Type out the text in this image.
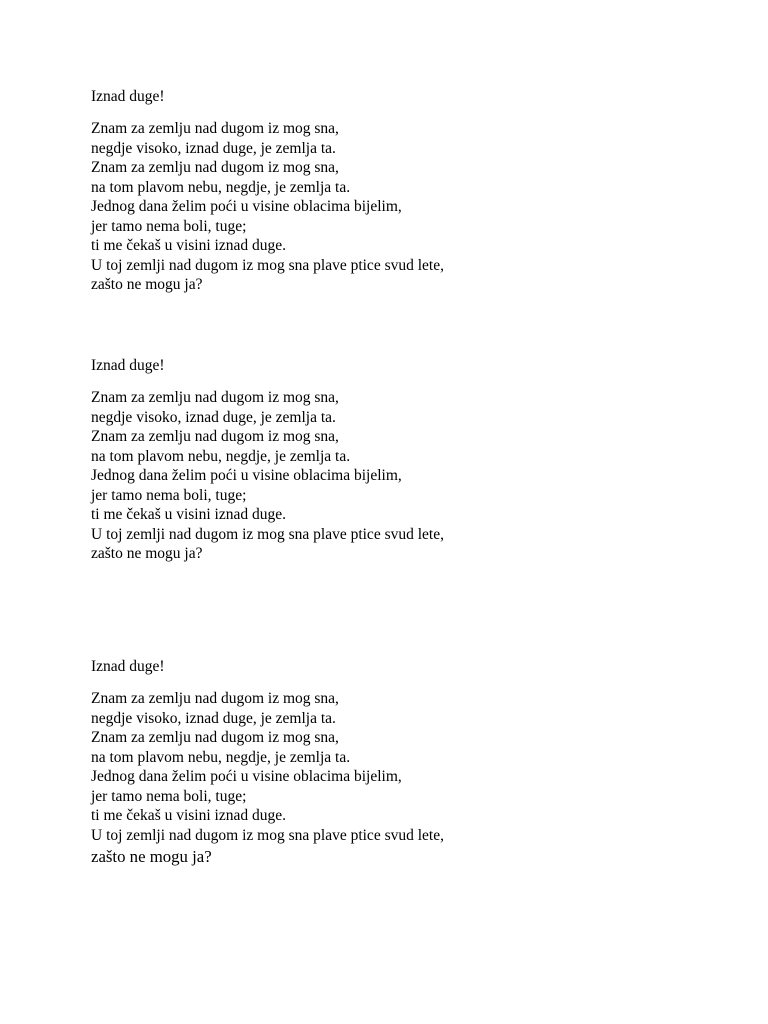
Iznad duge!
Znam za zemlju nad dugom iz mog sna,
negdje visoko, iznad duge, je zemlja ta.
Znam za zemlju nad dugom iz mog sna,
na tom plavom nebu, negdje, je zemlja ta.
Jednog dana želim poći u visine oblacima bijelim,
jer tamo nema boli, tuge;
ti me čekaš u visini iznad duge.
U toj zemlji nad dugom iz mog sna plave ptice svud lete,
zašto ne mogu ja?
Iznad duge!
Znam za zemlju nad dugom iz mog sna,
negdje visoko, iznad duge, je zemlja ta.
Znam za zemlju nad dugom iz mog sna,
na tom plavom nebu, negdje, je zemlja ta.
Jednog dana želim poći u visine oblacima bijelim,
jer tamo nema boli, tuge;
ti me čekaš u visini iznad duge.
U toj zemlji nad dugom iz mog sna plave ptice svud lete,
zašto ne mogu ja?
Iznad duge!
Znam za zemlju nad dugom iz mog sna,
negdje visoko, iznad duge, je zemlja ta.
Znam za zemlju nad dugom iz mog sna,
na tom plavom nebu, negdje, je zemlja ta.
Jednog dana želim poći u visine oblacima bijelim,
jer tamo nema boli, tuge;
ti me čekaš u visini iznad duge.
U toj zemlji nad dugom iz mog sna plave ptice svud lete,
zašto ne mogu ja?
